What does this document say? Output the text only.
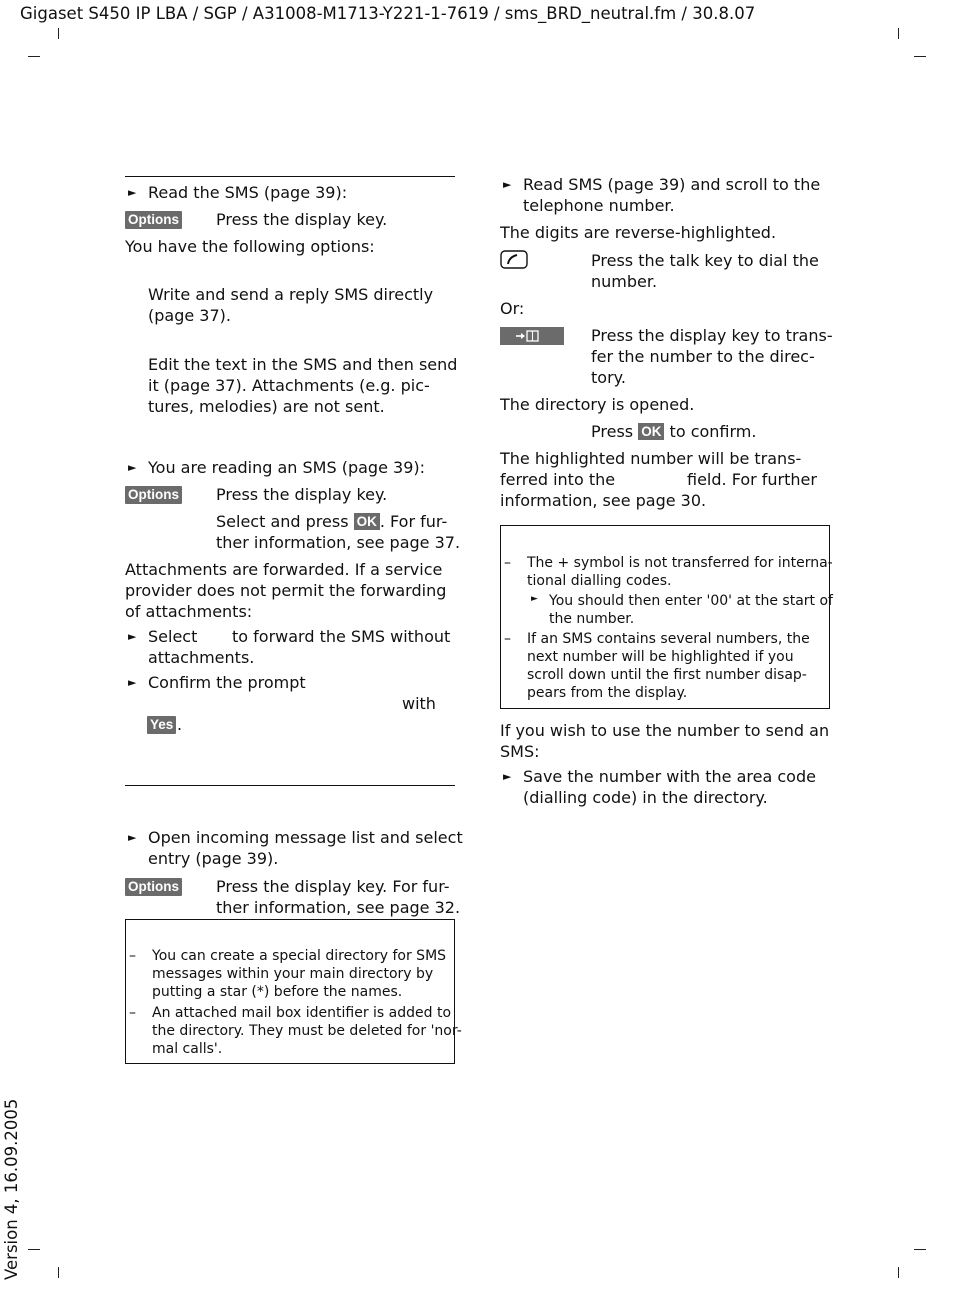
Gigaset S450 IP LBA / SGP / A31008-M1713-Y221-1-7619 / sms_BRD_neutral.fm / 30.8.07
Version 4, 16.09.2005
► Read the SMS (page 39):
Options Press the display key.
You have the following options:
Write and send a reply SMS directly
(page 37).
Edit the text in the SMS and then send
it (page 37). Attachments (e.g. pic-
tures, melodies) are not sent.
► You are reading an SMS (page 39):
Options Press the display key.
Select and press OK . For fur-
ther information, see page 37.
Attachments are forwarded. If a service
provider does not permit the forwarding
of attachments:
► Select to forward the SMS without
attachments.
► Confirm the prompt
with
Yes .
► Open incoming message list and select
entry (page 39).
Options Press the display key. For fur-
ther information, see page 32.
– You can create a special directory for SMS
messages within your main directory by
putting a star (*) before the names.
– An attached mail box identifier is added to
the directory. They must be deleted for 'nor-
mal calls'.
► Read SMS (page 39) and scroll to the
telephone number.
The digits are reverse-highlighted.
Press the talk key to dial the
number.
Or:
Press the display key to trans-
fer the number to the direc-
tory.
The directory is opened.
Press OK to confirm.
The highlighted number will be trans-
ferred into the	field. For further
information, see page 30.
– The + symbol is not transferred for interna-
tional dialling codes.
► You should then enter '00' at the start of
the number.
– If an SMS contains several numbers, the
next number will be highlighted if you
scroll down until the first number disap-
pears from the display.
If you wish to use the number to send an
SMS:
► Save the number with the area code
(dialling code) in the directory.
